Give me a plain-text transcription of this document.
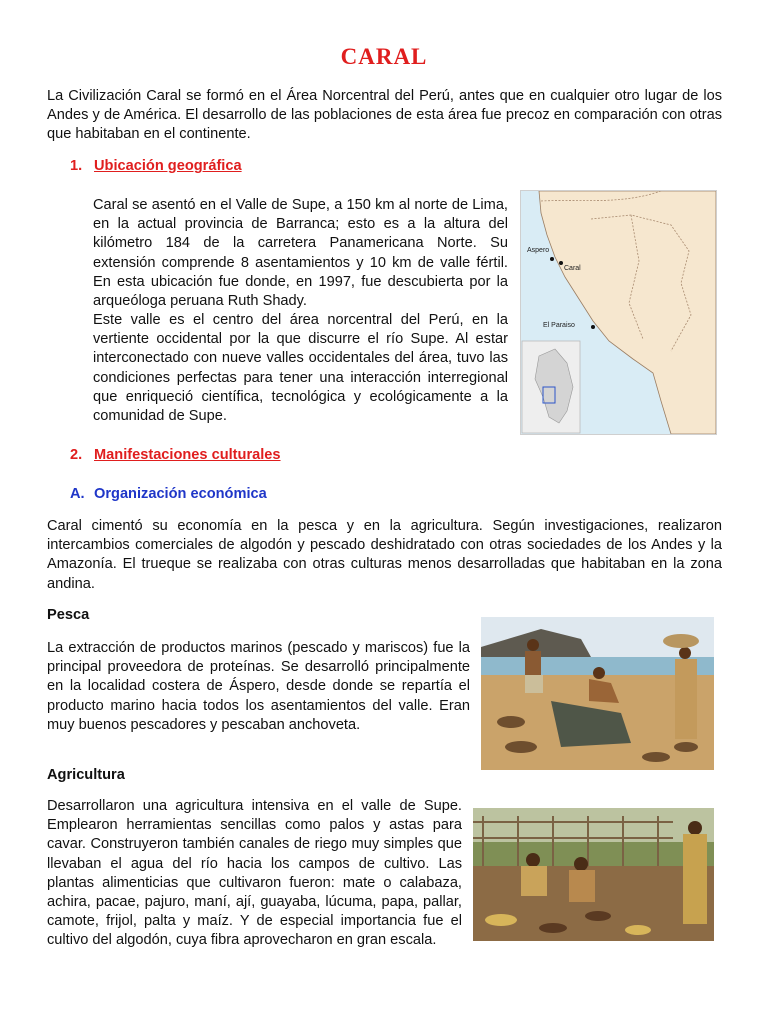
CARAL

La Civilización Caral se formó en el Área Norcentral del Perú, antes que en cualquier otro lugar de los Andes y de América. El desarrollo de las poblaciones de esta área fue precoz en comparación con otras que habitaban en el continente.

1. Ubicación geográfica

Caral se asentó en el Valle de Supe, a 150 km al norte de Lima, en la actual provincia de Barranca; esto es a la altura del kilómetro 184 de la carretera Panamericana Norte. Su extensión comprende 8 asentamientos y 10 km de valle fértil. En esta ubicación fue donde, en 1997, fue descubierta por la arqueóloga peruana Ruth Shady.

Este valle es el centro del área norcentral del Perú, en la vertiente occidental por la que discurre el río Supe. Al estar interconectado con nueve valles occidentales del área, tuvo las condiciones perfectas para tener una interacción interregional que enriqueció científica, tecnológica y ecológicamente a la comunidad de Supe.

Aspero
Caral
El Paraiso
2. Manifestaciones culturales
A. Organización económica

Caral cimentó su economía en la pesca y en la agricultura. Según investigaciones, realizaron intercambios comerciales de algodón y pescado deshidratado con otras sociedades de los Andes y la Amazonía. El trueque se realizaba con otras culturas menos desarrolladas que habitaban en la zona andina.

Pesca

La extracción de productos marinos (pescado y mariscos) fue la principal proveedora de proteínas. Se desarrolló principalmente en la localidad costera de Áspero, desde donde se repartía el producto marino hacia todos los asentamientos del valle. Eran muy buenos pescadores y pescaban anchoveta.

Agricultura

Desarrollaron una agricultura intensiva en el valle de Supe. Emplearon herramientas sencillas como palos y astas para cavar. Construyeron también canales de riego muy simples que llevaban el agua del río hacia los campos de cultivo. Las plantas alimenticias que cultivaron fueron: mate o calabaza, achira, pacae, pajuro, maní, ají, guayaba, lúcuma, papa, pallar, camote, frijol, palta y maíz. Y de especial importancia fue el cultivo del algodón, cuya fibra aprovecharon en gran escala.
